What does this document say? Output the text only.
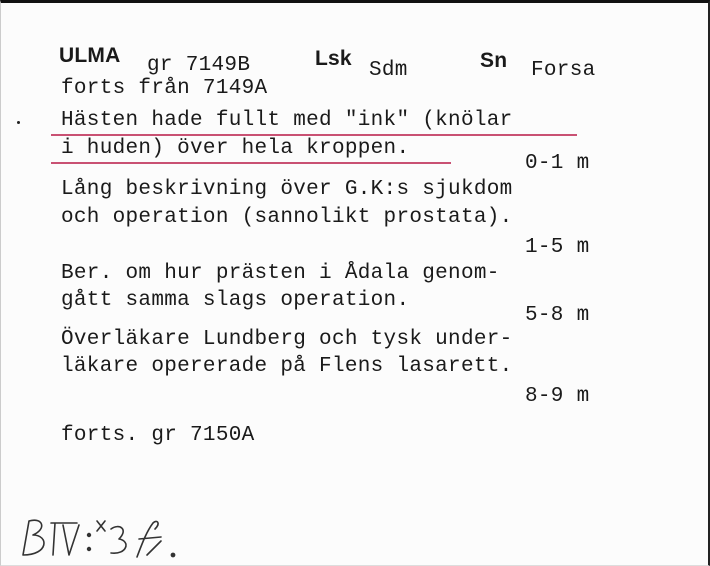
ULMA gr 7149B	Lsk
Sdm	Sn Forsa
forts från 7149A
Hästen hade fullt med "ink" (knölar
i huden) över hela kroppen.
0-1 m
Lång beskrivning över G.K:s sjukdom
och operation (sannolikt prostata).
1-5 m
Ber. om hur prästen i Ådala genom-
gått samma slags operation.
5-8 m
Överläkare Lundberg och tysk under-
läkare opererade på Flens lasarett.
8-9 m
forts. gr 7150A
